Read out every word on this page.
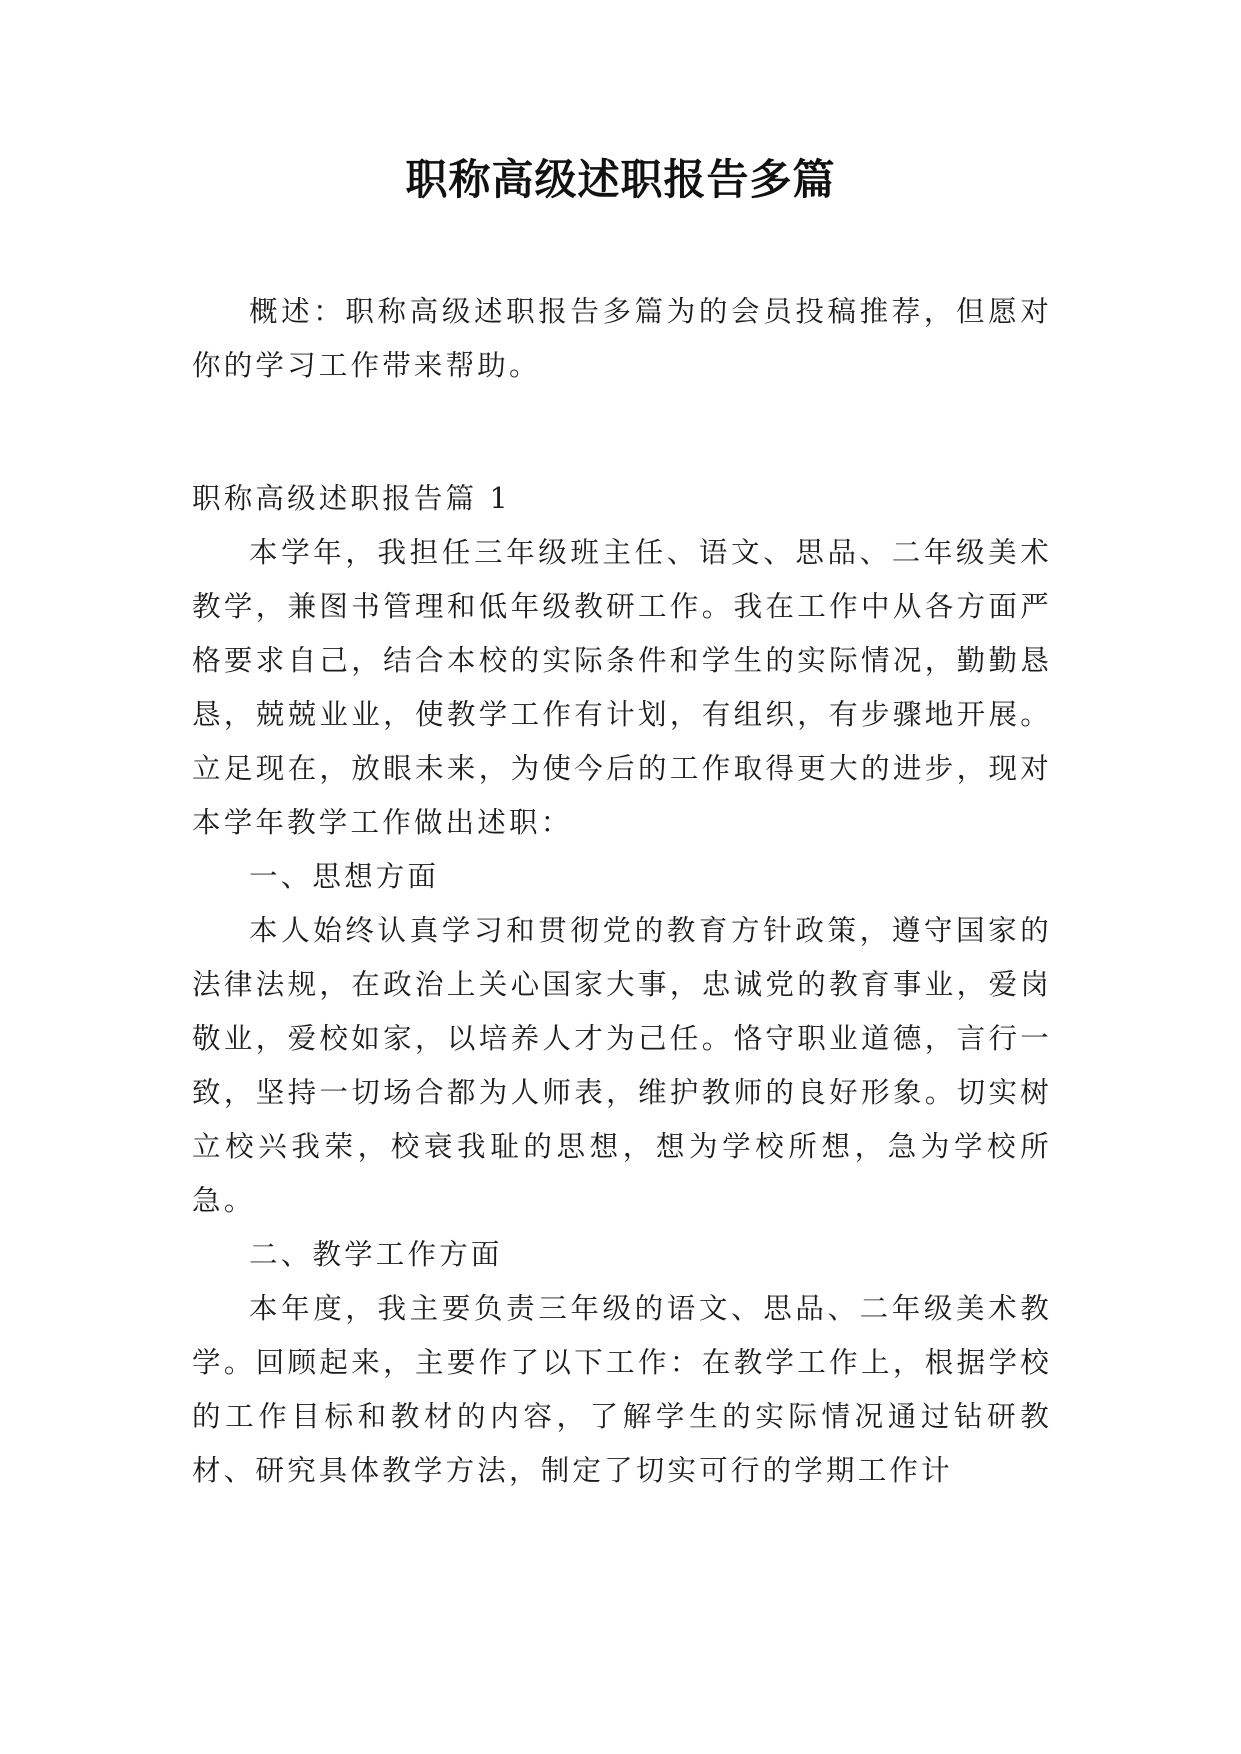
职称高级述职报告多篇

概述：职称高级述职报告多篇为的会员投稿推荐，但愿对你的学习工作带来帮助。

职称高级述职报告篇 1

本学年，我担任三年级班主任、语文、思品、二年级美术教学，兼图书管理和低年级教研工作。我在工作中从各方面严格要求自己，结合本校的实际条件和学生的实际情况，勤勤恳恳，兢兢业业，使教学工作有计划，有组织，有步骤地开展。立足现在，放眼未来，为使今后的工作取得更大的进步，现对本学年教学工作做出述职：

一、思想方面

本人始终认真学习和贯彻党的教育方针政策，遵守国家的法律法规，在政治上关心国家大事，忠诚党的教育事业，爱岗敬业，爱校如家，以培养人才为己任。恪守职业道德，言行一致，坚持一切场合都为人师表，维护教师的良好形象。切实树立校兴我荣，校衰我耻的思想，想为学校所想，急为学校所急。

二、教学工作方面

本年度，我主要负责三年级的语文、思品、二年级美术教学。回顾起来，主要作了以下工作：在教学工作上，根据学校的工作目标和教材的内容，了解学生的实际情况通过钻研教材、研究具体教学方法，制定了切实可行的学期工作计
